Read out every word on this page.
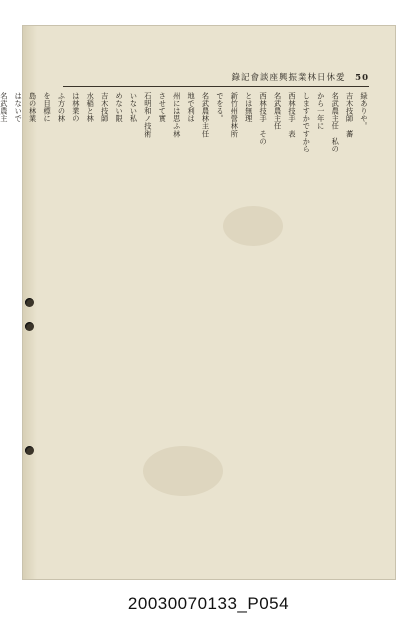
錄記會談座興振業林日休愛 50
緑ありや。
吉木技師　蕃
名武農主任　私の
から一年に
しますかですから
西林技手　表
名武農主任
西林技手　その
とは無理
新竹州營林所
でをる。
名武農林主任
地で利は
州には思ふ林
させて實
石明和ノ技術
いない私
めない限
吉木技師
水稲と林
は林業の
ふ方の林
を目標に
島の林業
はないで
名武農主
20030070133_P054
